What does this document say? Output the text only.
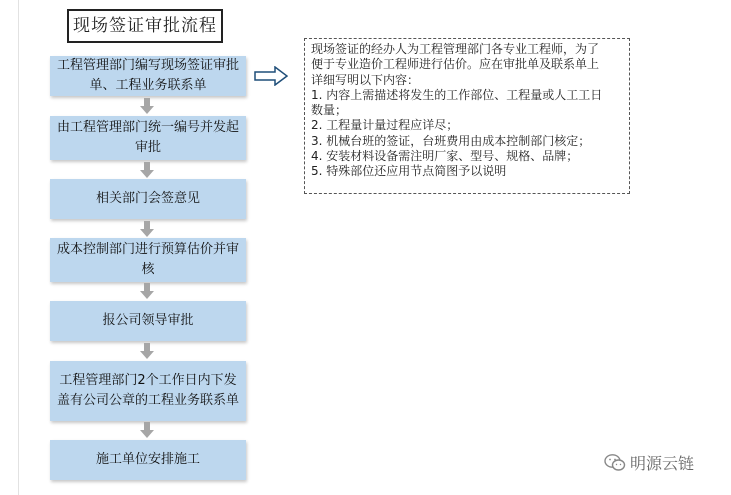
现场签证审批流程
工程管理部门编写现场签证审批
单、工程业务联系单
由工程管理部门统一编号并发起
审批
相关部门会签意见
成本控制部门进行预算估价并审
核
报公司领导审批
工程管理部门2个工作日内下发
盖有公司公章的工程业务联系单
施工单位安排施工

现场签证的经办人为工程管理部门各专业工程师，为了

便于专业造价工程师进行估价。应在审批单及联系单上

详细写明以下内容：

1. 内容上需描述将发生的工作部位、工程量或人工工日

数量；

2. 工程量计量过程应详尽；

3. 机械台班的签证，台班费用由成本控制部门核定；

4. 安装材料设备需注明厂家、型号、规格、品牌；

5. 特殊部位还应用节点简图予以说明

明源云链
